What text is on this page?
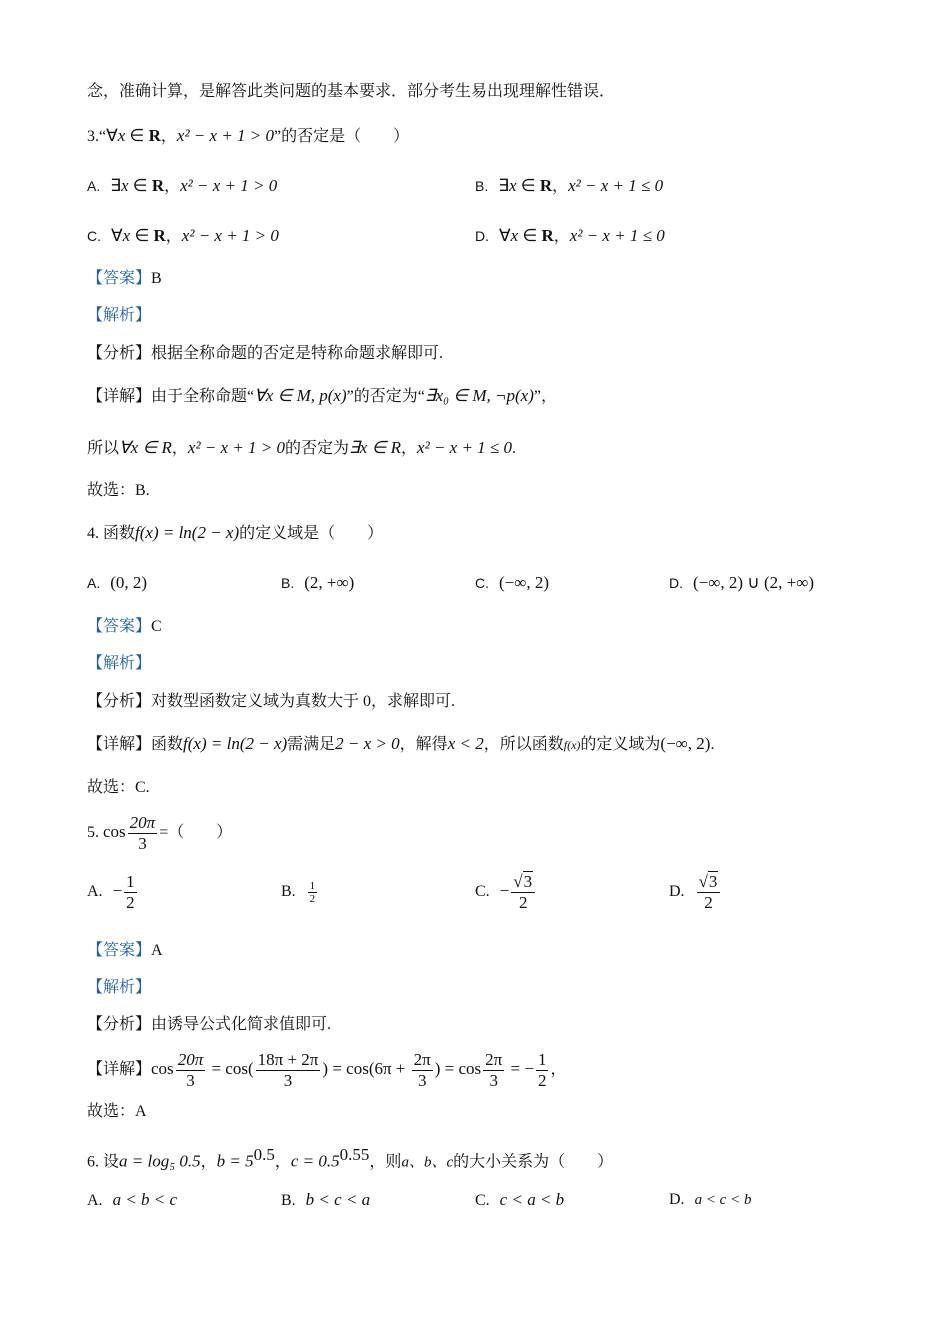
念，准确计算，是解答此类问题的基本要求．部分考生易出现理解性错误．
3.“∀x ∈ R，x² − x + 1 > 0”的否定是（　　）
A. ∃x ∈ R，x² − x + 1 > 0	B. ∃x ∈ R，x² − x + 1 ≤ 0
C. ∀x ∈ R，x² − x + 1 > 0	D. ∀x ∈ R，x² − x + 1 ≤ 0
【答案】B
【解析】
【分析】根据全称命题的否定是特称命题求解即可.
【详解】由于全称命题“∀x ∈ M, p(x)”的否定为“∃x₀ ∈ M, ¬p(x)”，
所以∀x ∈ R，x² − x + 1 > 0的否定为∃x ∈ R，x² − x + 1 ≤ 0.
故选：B.
4. 函数f(x) = ln(2 − x)的定义域是（　　）
A. (0, 2)	B. (2, +∞)	C. (−∞, 2)	D. (−∞, 2) ∪ (2, +∞)
【答案】C
【解析】
【分析】对数型函数定义域为真数大于 0，求解即可.
【详解】函数f(x) = ln(2 − x)需满足2 − x > 0，解得x < 2，所以函数f(x)的定义域为(−∞, 2).
故选：C.
5. $\cos \frac{20\pi}{3}$ =（　　）
A. − $\frac{1}{2}$	B. $\frac{1}{2}$	C. − $\frac{√3}{2}$	D. $\frac{√3}{2}$
【答案】A
【解析】
【分析】由诱导公式化简求值即可.
【详解】$\cos \frac{20\pi}{3} = \cos( \frac{18\pi + 2\pi}{3}$ ) = $\cos(6\pi + \frac{2\pi}{3}$ ) = $\cos \frac{2\pi}{3}$ = − $\frac{1}{2}$ ，
故选：A
6. 设a = log₅ 0.5，$b = 5^{0.5}$，$c = 0.5^{0.55}$，则a、b、c的大小关系为（　　）
A. a < b < c	B. b < c < a	C. c < a < b	D. a < c < b
